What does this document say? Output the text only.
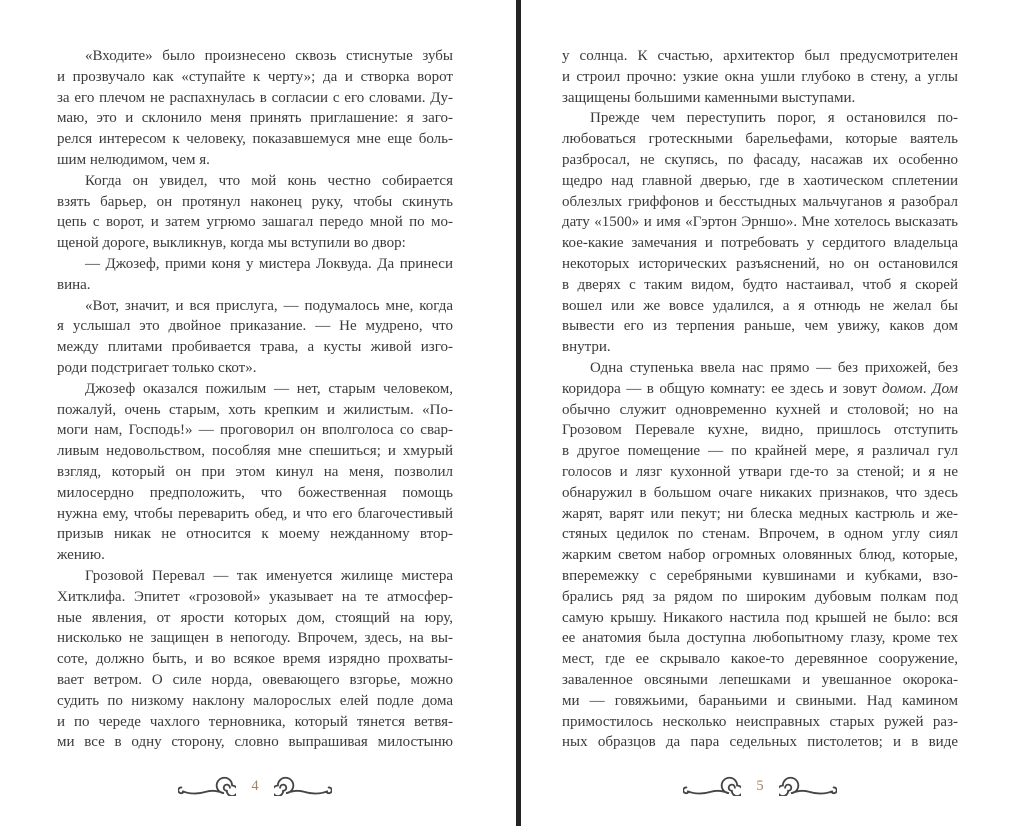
«Входите» было произнесено сквозь стиснутые зубы
и прозвучало как «ступайте к черту»; да и створка ворот
за его плечом не распахнулась в согласии с его словами. Ду-
маю, это и склонило меня принять приглашение: я заго-
релся интересом к человеку, показавшемуся мне еще боль-
шим нелюдимом, чем я.
Когда он увидел, что мой конь честно собирается
взять барьер, он протянул наконец руку, чтобы скинуть
цепь с ворот, и затем угрюмо зашагал передо мной по мо-
щеной дороге, выкликнув, когда мы вступили во двор:
— Джозеф, прими коня у мистера Локвуда. Да принеси
вина.
«Вот, значит, и вся прислуга, — подумалось мне, когда
я услышал это двойное приказание. — Не мудрено, что
между плитами пробивается трава, а кусты живой изго-
роди подстригает только скот».
Джозеф оказался пожилым — нет, старым человеком,
пожалуй, очень старым, хоть крепким и жилистым. «По-
моги нам, Господь!» — проговорил он вполголоса со свар-
ливым недовольством, пособляя мне спешиться; и хмурый
взгляд, который он при этом кинул на меня, позволил
милосердно предположить, что божественная помощь
нужна ему, чтобы переварить обед, и что его благочестивый
призыв никак не относится к моему нежданному втор-
жению.
Грозовой Перевал — так именуется жилище мистера
Хитклифа. Эпитет «грозовой» указывает на те атмосфер-
ные явления, от ярости которых дом, стоящий на юру,
нисколько не защищен в непогоду. Впрочем, здесь, на вы-
соте, должно быть, и во всякое время изрядно прохваты-
вает ветром. О силе норда, овевающего взгорье, можно
судить по низкому наклону малорослых елей подле дома
и по череде чахлого терновника, который тянется ветвя-
ми все в одну сторону, словно выпрашивая милостыню
4
у солнца. К счастью, архитектор был предусмотрителен
и строил прочно: узкие окна ушли глубоко в стену, а углы
защищены большими каменными выступами.
Прежде чем переступить порог, я остановился по-
любоваться гротескными барельефами, которые ваятель
разбросал, не скупясь, по фасаду, насажав их особенно
щедро над главной дверью, где в хаотическом сплетении
облезлых гриффонов и бесстыдных мальчуганов я разобрал
дату «1500» и имя «Гэртон Эрншо». Мне хотелось высказать
кое-какие замечания и потребовать у сердитого владельца
некоторых исторических разъяснений, но он остановился
в дверях с таким видом, будто настаивал, чтоб я скорей
вошел или же вовсе удалился, а я отнюдь не желал бы
вывести его из терпения раньше, чем увижу, каков дом
внутри.
Одна ступенька ввела нас прямо — без прихожей, без
коридора — в общую комнату: ее здесь и зовут домом. Дом
обычно служит одновременно кухней и столовой; но на
Грозовом Перевале кухне, видно, пришлось отступить
в другое помещение — по крайней мере, я различал гул
голосов и лязг кухонной утвари где-то за стеной; и я не
обнаружил в большом очаге никаких признаков, что здесь
жарят, варят или пекут; ни блеска медных кастрюль и же-
стяных цедилок по стенам. Впрочем, в одном углу сиял
жарким светом набор огромных оловянных блюд, которые,
вперемежку с серебряными кувшинами и кубками, взо-
брались ряд за рядом по широким дубовым полкам под
самую крышу. Никакого настила под крышей не было: вся
ее анатомия была доступна любопытному глазу, кроме тех
мест, где ее скрывало какое-то деревянное сооружение,
заваленное овсяными лепешками и увешанное окорока-
ми — говяжьими, бараньими и свиными. Над камином
примостилось несколько неисправных старых ружей раз-
ных образцов да пара седельных пистолетов; и в виде
5
